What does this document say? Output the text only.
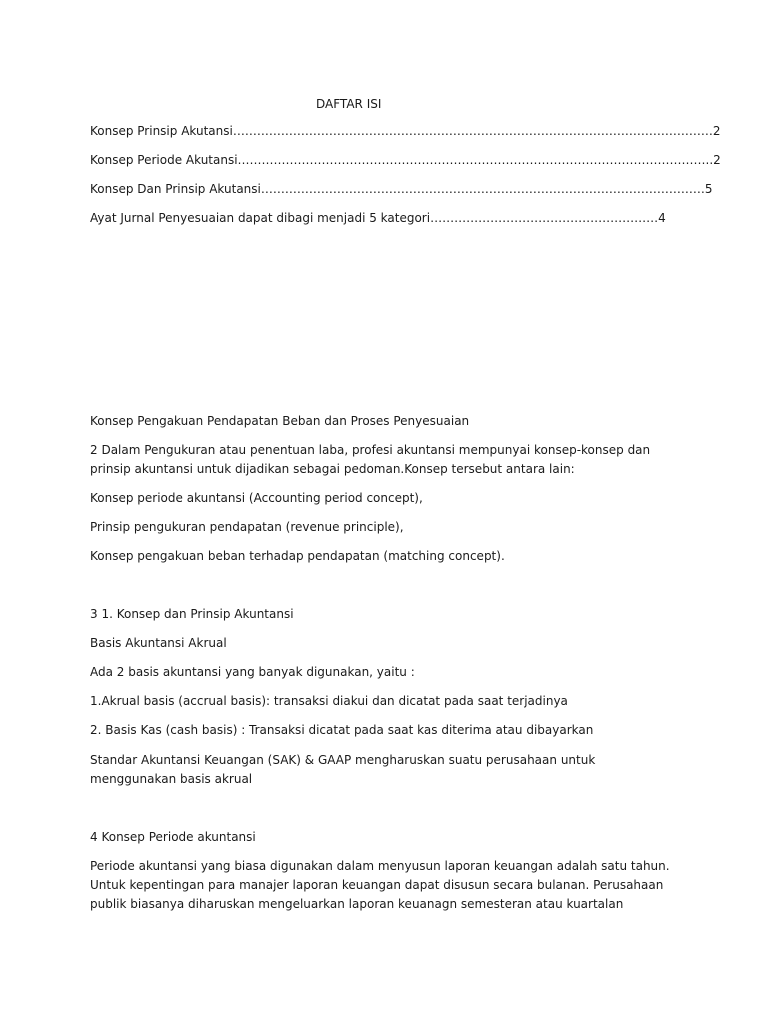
DAFTAR ISI
Konsep Prinsip Akutansi…………………………………………………………………………………………………………2
Konsep Periode Akutansi………………………………………………………………………………………………………..2
Konsep Dan Prinsip Akutansi…………………………………………………………………………………………………5
Ayat Jurnal Penyesuaian dapat dibagi menjadi 5 kategori…………………………………………………4
Konsep Pengakuan Pendapatan Beban dan Proses Penyesuaian
2 Dalam Pengukuran atau penentuan laba, profesi akuntansi mempunyai konsep-konsep dan prinsip akuntansi untuk dijadikan sebagai pedoman.Konsep tersebut antara lain:
Konsep periode akuntansi (Accounting period concept),
Prinsip pengukuran pendapatan (revenue principle),
Konsep pengakuan beban terhadap pendapatan (matching concept).
3 1. Konsep dan Prinsip Akuntansi
Basis Akuntansi Akrual
Ada 2 basis akuntansi yang banyak digunakan, yaitu :
1.Akrual basis (accrual basis): transaksi diakui dan dicatat pada saat terjadinya
2. Basis Kas (cash basis) : Transaksi dicatat pada saat kas diterima atau dibayarkan
Standar Akuntansi Keuangan (SAK) & GAAP mengharuskan suatu perusahaan untuk menggunakan basis akrual
4 Konsep Periode akuntansi
Periode akuntansi yang biasa digunakan dalam menyusun laporan keuangan adalah satu tahun. Untuk kepentingan para manajer laporan keuangan dapat disusun secara bulanan. Perusahaan publik biasanya diharuskan mengeluarkan laporan keuanagn semesteran atau kuartalan
